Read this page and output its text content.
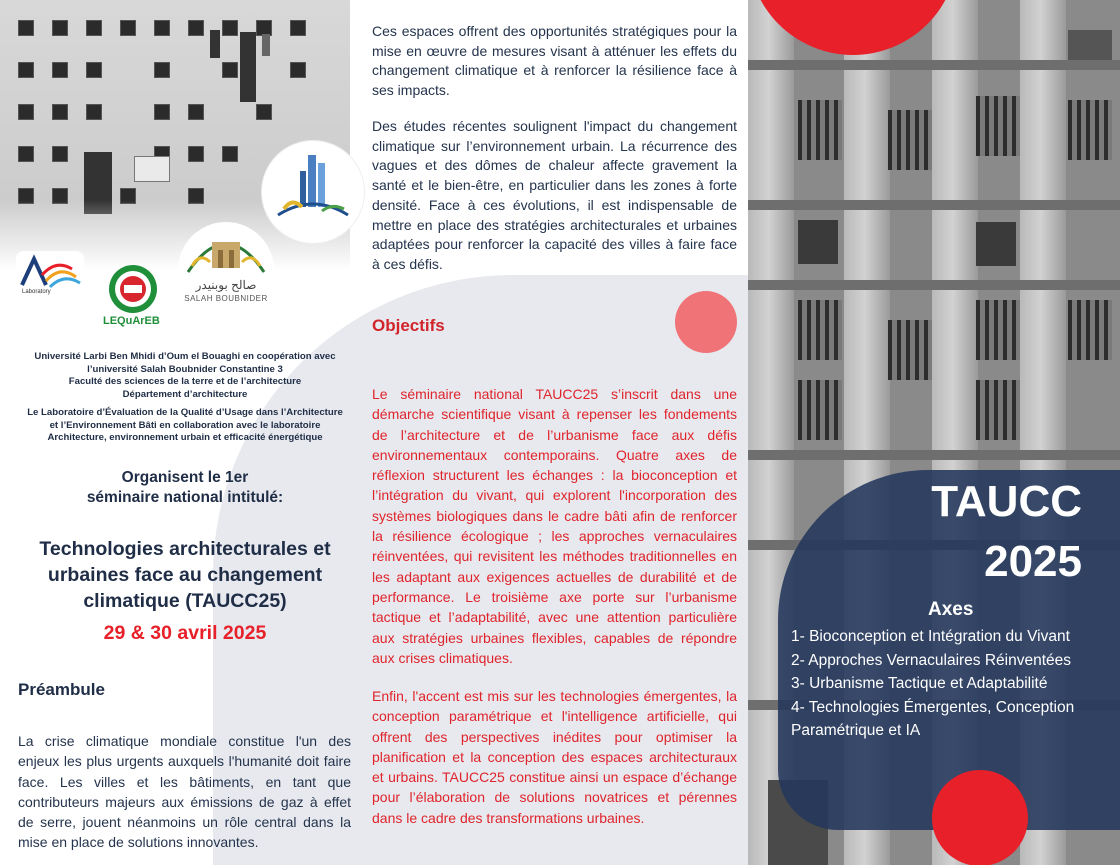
Laboratory
LEQuArEB
صالح بوبنيدر
SALAH BOUBNIDER
Université Larbi Ben Mhidi d’Oum el Bouaghi en coopération avec
l’université Salah Boubnider Constantine 3
Faculté des sciences de la terre et de l’architecture
Département d’architecture
Le Laboratoire d’Évaluation de la Qualité d’Usage dans l’Architecture
et l’Environnement Bâti en collaboration avec le laboratoire
Architecture, environnement urbain et efficacité énergétique
Organisent le 1er
séminaire national intitulé:
Technologies architecturales et urbaines face au changement climatique (TAUCC25)
29 & 30 avril 2025
Préambule
La crise climatique mondiale constitue l'un des enjeux les plus urgents auxquels l'humanité doit faire face. Les villes et les bâtiments, en tant que contributeurs majeurs aux émissions de gaz à effet de serre, jouent néanmoins un rôle central dans la mise en place de solutions innovantes.
Ces espaces offrent des opportunités stratégiques pour la mise en œuvre de mesures visant à atténuer les effets du changement climatique et à renforcer la résilience face à ses impacts.
Des études récentes soulignent l'impact du changement climatique sur l’environnement urbain. La récurrence des vagues et des dômes de chaleur affecte gravement la santé et le bien-être, en particulier dans les zones à forte densité. Face à ces évolutions, il est indispensable de mettre en place des stratégies architecturales et urbaines adaptées pour renforcer la capacité des villes à faire face à ces défis.
Objectifs
Le séminaire national TAUCC25 s’inscrit dans une démarche scientifique visant à repenser les fondements de l’architecture et de l’urbanisme face aux défis environnementaux contemporains. Quatre axes de réflexion structurent les échanges : la bioconception et l’intégration du vivant, qui explorent l'incorporation des systèmes biologiques dans le cadre bâti afin de renforcer la résilience écologique ; les approches vernaculaires réinventées, qui revisitent les méthodes traditionnelles en les adaptant aux exigences actuelles de durabilité et de performance. Le troisième axe porte sur l’urbanisme tactique et l’adaptabilité, avec une attention particulière aux stratégies urbaines flexibles, capables de répondre aux crises climatiques.
Enfin, l'accent est mis sur les technologies émergentes, la conception paramétrique et l'intelligence artificielle, qui offrent des perspectives inédites pour optimiser la planification et la conception des espaces architecturaux et urbains. TAUCC25 constitue ainsi un espace d’échange pour l’élaboration de solutions novatrices et pérennes dans le cadre des transformations urbaines.
TAUCC
2025
Axes
1- Bioconception et Intégration du Vivant
2- Approches Vernaculaires Réinventées
3- Urbanisme Tactique et Adaptabilité
4- Technologies Émergentes, Conception Paramétrique et IA
